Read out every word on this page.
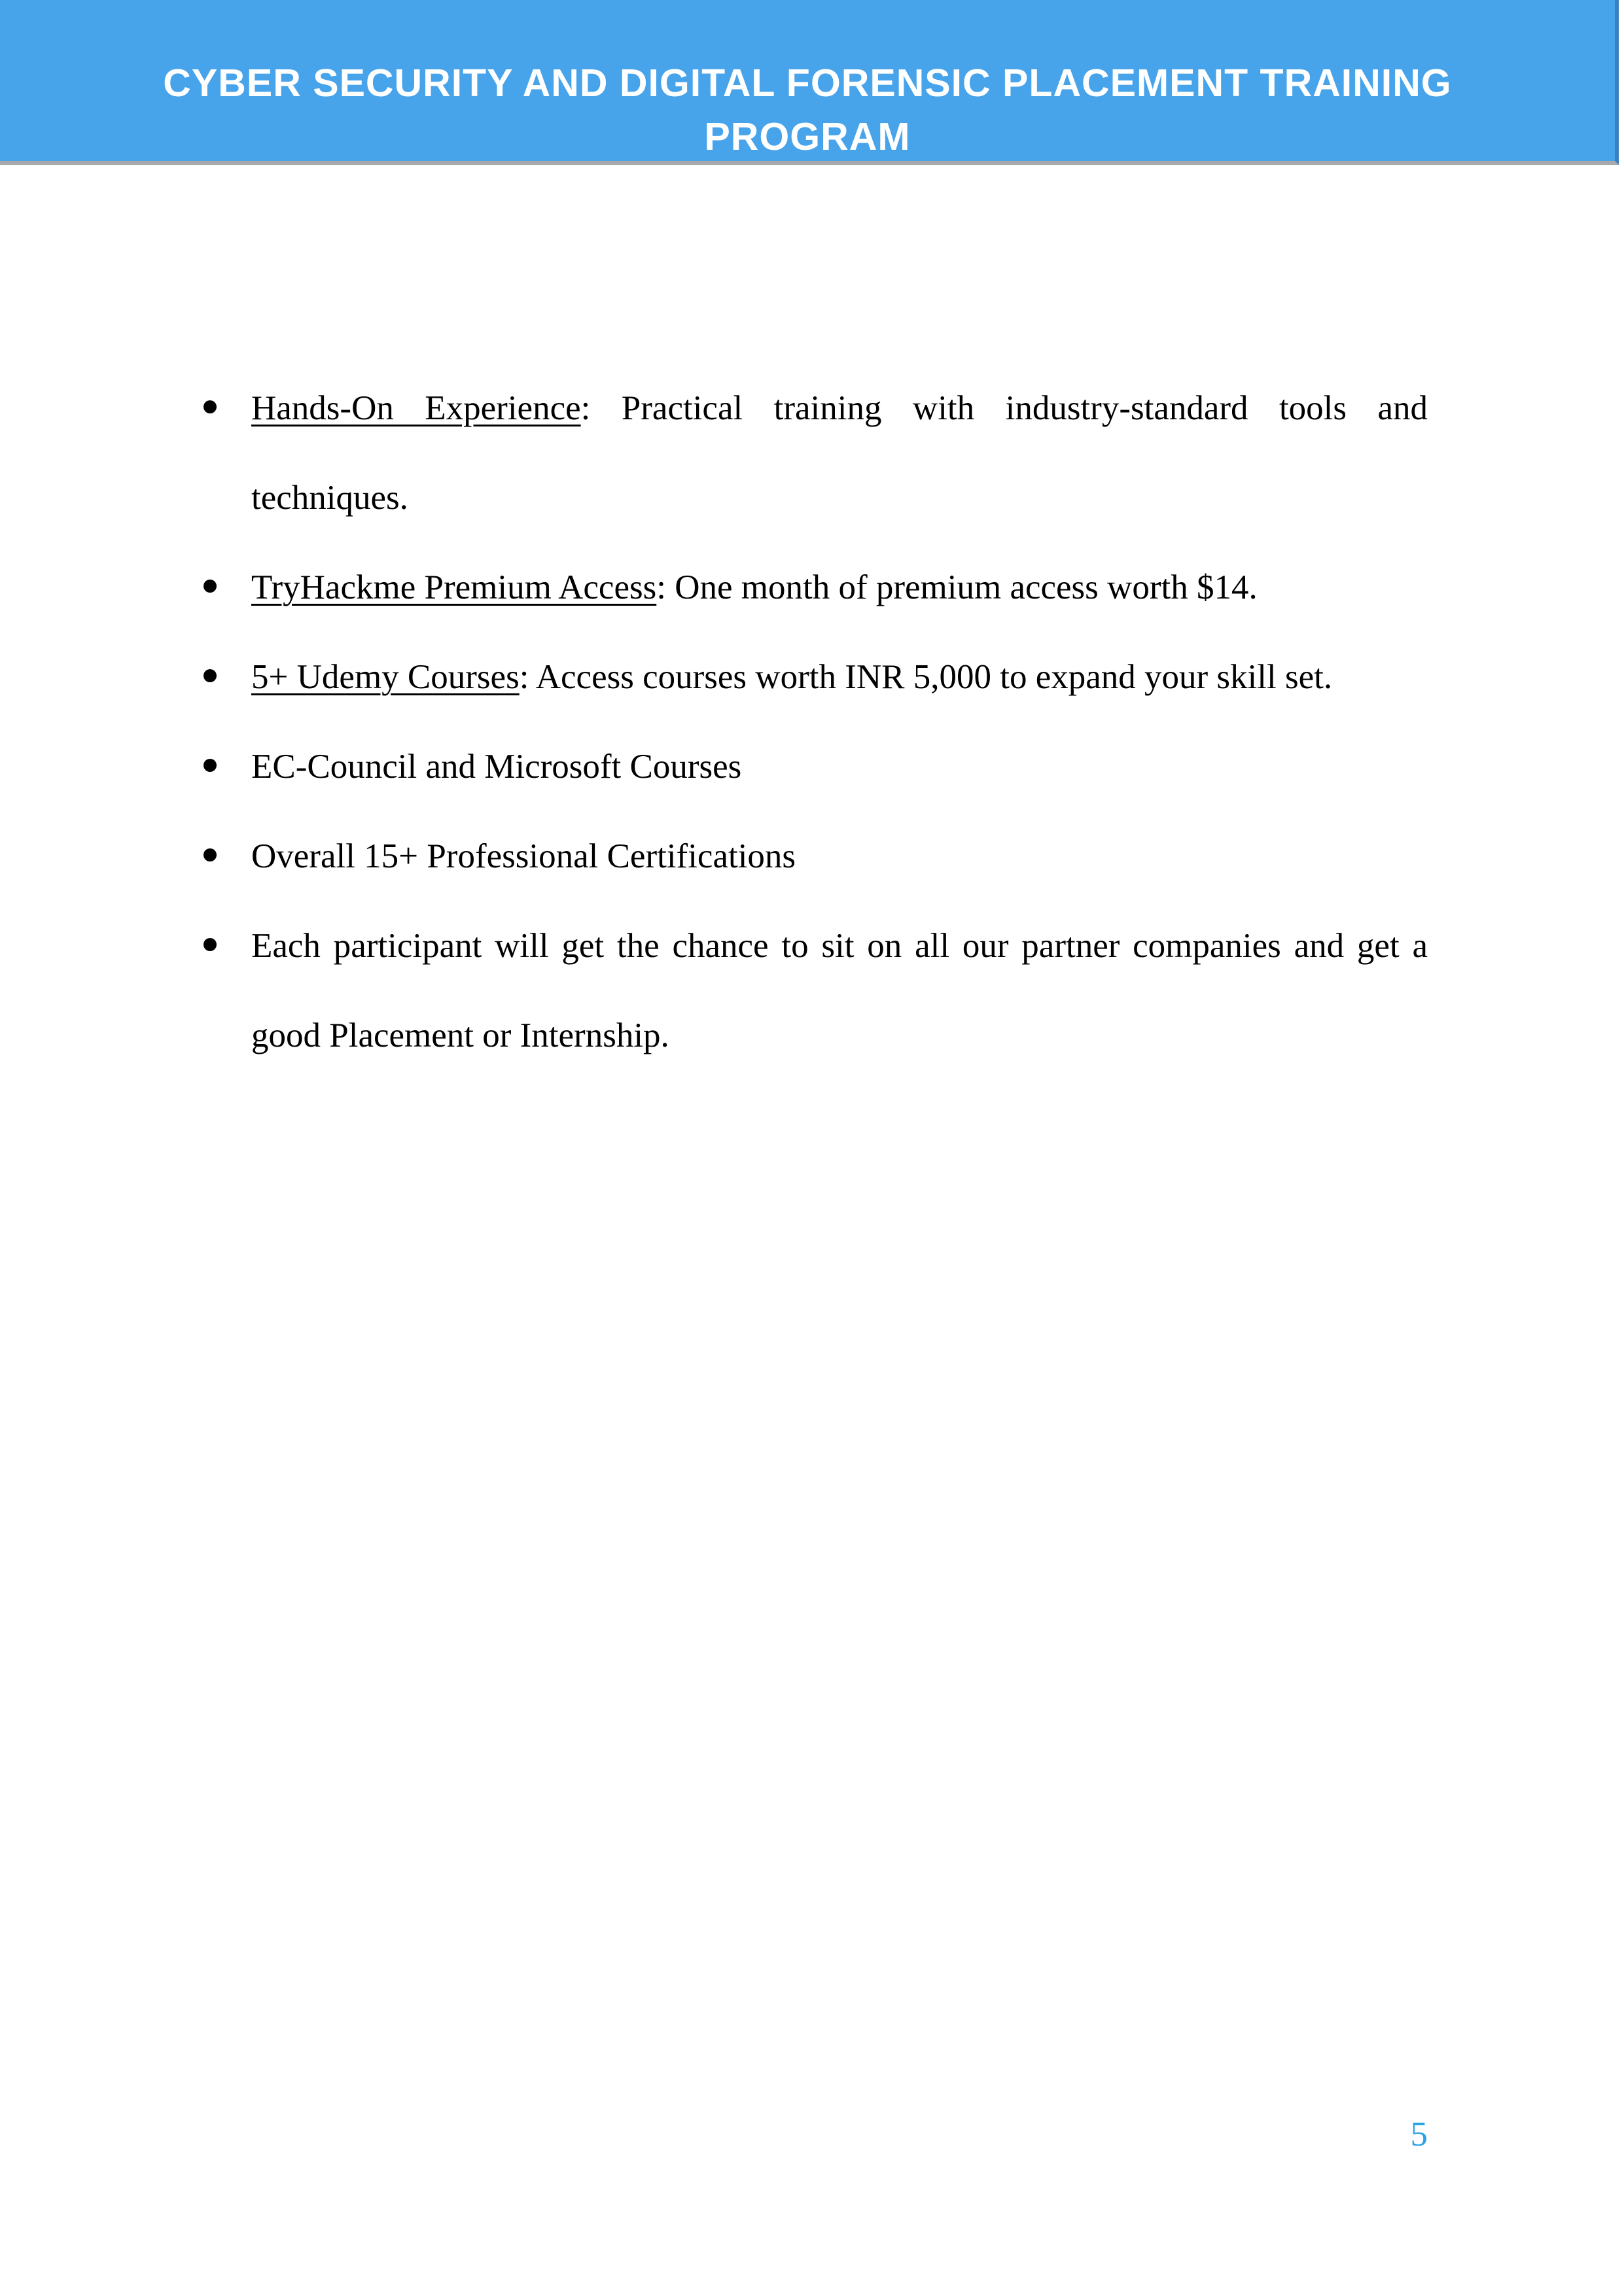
CYBER SECURITY AND DIGITAL FORENSIC PLACEMENT TRAINING PROGRAM
Hands-On Experience: Practical training with industry-standard tools and techniques.
TryHackme Premium Access: One month of premium access worth $14.
5+ Udemy Courses: Access courses worth INR 5,000 to expand your skill set.
EC-Council and Microsoft Courses
Overall 15+ Professional Certifications
Each participant will get the chance to sit on all our partner companies and get a good Placement or Internship.
5
